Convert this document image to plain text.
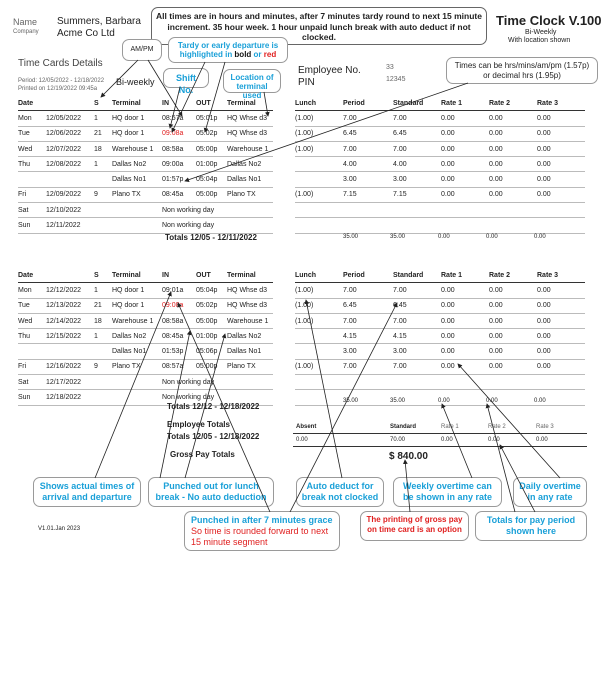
Name
Company
Summers, Barbara
Acme Co Ltd
All times are in hours and minutes, after 7 minutes tardy round to next 15 minute increment. 35 hour week. 1 hour unpaid lunch break with auto deduct if not clocked.
Time Clock V.100
Bi-Weekly
With location shown
AM/PM	Tardy or early departure is highlighted in bold or red
Shift No.
Location of terminal used
Times can be hrs/mins/am/pm (1.57p) or decimal hrs (1.95p)
Time Cards Details
Period: 12/05/2022 - 12/18/2022
Printed on 12/19/2022 09:45a
Bi-weekly
Employee No.	33
PIN	12345
Date		S	Terminal	IN	OUT	Terminal
Mon	12/05/2022	1	HQ door 1	08:57a	05:01p	HQ Whse d3
Tue	12/06/2022	21	HQ door 1	09:08a	05:02p	HQ Whse d3
Wed	12/07/2022	18	Warehouse 1	08:58a	05:00p	Warehouse 1
Thu	12/08/2022	1	Dallas No2	09:00a	01:00p	Dallas No2
			Dallas No1	01:57p	05:04p	Dallas No1
Fri	12/09/2022	9	Plano TX	08:45a	05:00p	Plano TX
Sat	12/10/2022			Non working day		
Sun	12/11/2022			Non working day		
Lunch	Period	Standard	Rate 1	Rate 2	Rate 3
(1.00)	7.00	7.00	0.00	0.00	0.00
(1.00)	6.45	6.45	0.00	0.00	0.00
(1.00)	7.00	7.00	0.00	0.00	0.00
	4.00	4.00	0.00	0.00	0.00
	3.00	3.00	0.00	0.00	0.00
(1.00)	7.15	7.15	0.00	0.00	0.00

Totals 12/05 - 12/11/2022	35.00	35.00	0.00	0.00	0.00
Date		S	Terminal	IN	OUT	Terminal
Mon	12/12/2022	1	HQ door 1	09:01a	05:04p	HQ Whse d3
Tue	12/13/2022	21	HQ door 1	09:08a	05:02p	HQ Whse d3
Wed	12/14/2022	18	Warehouse 1	08:58a	05:00p	Warehouse 1
Thu	12/15/2022	1	Dallas No2	08:45a	01:00p	Dallas No2
			Dallas No1	01:53p	05:06p	Dallas No1
Fri	12/16/2022	9	Plano TX	08:57a	05:00p	Plano TX
Sat	12/17/2022			Non working day		
Sun	12/18/2022			Non working day		
Lunch	Period	Standard	Rate 1	Rate 2	Rate 3
(1.00)	7.00	7.00	0.00	0.00	0.00
(1.00)	6.45	6.45	0.00	0.00	0.00
(1.00)	7.00	7.00	0.00	0.00	0.00
	4.15	4.15	0.00	0.00	0.00
	3.00	3.00	0.00	0.00	0.00
(1.00)	7.00	7.00	0.00	0.00	0.00

Totals 12/12 - 12/18/2022
35.00	35.00	0.00	0.00	0.00
Employee Totals
Totals 12/05 - 12/18/2022
Gross Pay Totals
Absent	Standard	Rate 1	Rate 2	Rate 3
0.00	70.00	0.00	0.00	0.00
$ 840.00
Shows actual times of arrival and departure
Punched out for lunch break - No auto deduction
Auto deduct for break not clocked
Weekly overtime can be shown in any rate
Daily overtime in any rate
Punched in after 7 minutes grace
So time is rounded forward to next 15 minute segment
The printing of gross pay on time card is an option
Totals for pay period shown here
V1.01.Jan 2023
